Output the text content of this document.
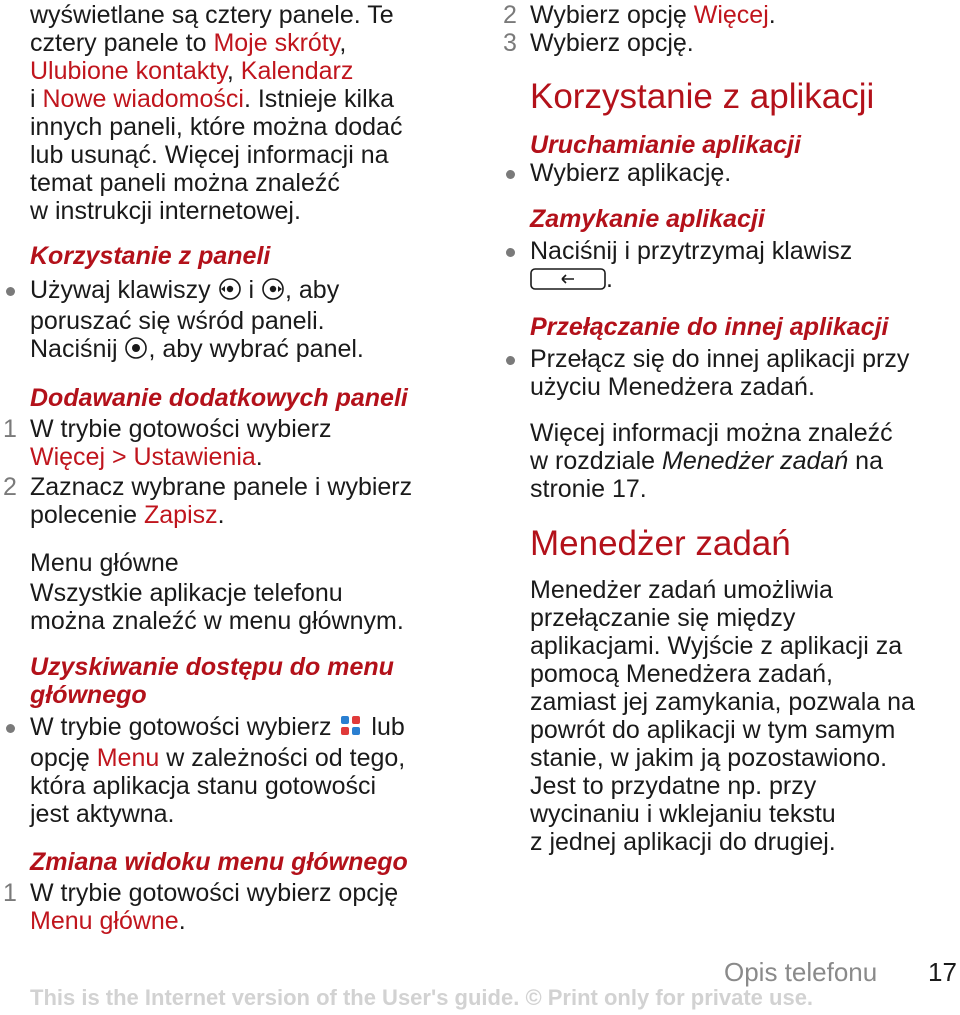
wyświetlane są cztery panele. Te

cztery panele to Moje skróty,

Ulubione kontakty, Kalendarz

i Nowe wiadomości. Istnieje kilka

innych paneli, które można dodać

lub usunąć. Więcej informacji na

temat paneli można znaleźć

w instrukcji internetowej.

Korzystanie z paneli

Używaj klawiszy i , aby

poruszać się wśród paneli.

Naciśnij , aby wybrać panel.

Dodawanie dodatkowych paneli

1 W trybie gotowości wybierz

Więcej > Ustawienia.

2 Zaznacz wybrane panele i wybierz

polecenie Zapisz.

Menu główne

Wszystkie aplikacje telefonu

można znaleźć w menu głównym.

Uzyskiwanie dostępu do menu

głównego

W trybie gotowości wybierz lub

opcję Menu w zależności od tego,

która aplikacja stanu gotowości

jest aktywna.

Zmiana widoku menu głównego

1 W trybie gotowości wybierz opcję

Menu główne.

2 Wybierz opcję Więcej.

3 Wybierz opcję.

Korzystanie z aplikacji

Uruchamianie aplikacji

Wybierz aplikację.

Zamykanie aplikacji

Naciśnij i przytrzymaj klawisz

.

Przełączanie do innej aplikacji

Przełącz się do innej aplikacji przy

użyciu Menedżera zadań.

Więcej informacji można znaleźć

w rozdziale Menedżer zadań na

stronie 17.

Menedżer zadań

Menedżer zadań umożliwia

przełączanie się między

aplikacjami. Wyjście z aplikacji za

pomocą Menedżera zadań,

zamiast jej zamykania, pozwala na

powrót do aplikacji w tym samym

stanie, w jakim ją pozostawiono.

Jest to przydatne np. przy

wycinaniu i wklejaniu tekstu

z jednej aplikacji do drugiej.

Opis telefonu 17
This is the Internet version of the User's guide. © Print only for private use.
